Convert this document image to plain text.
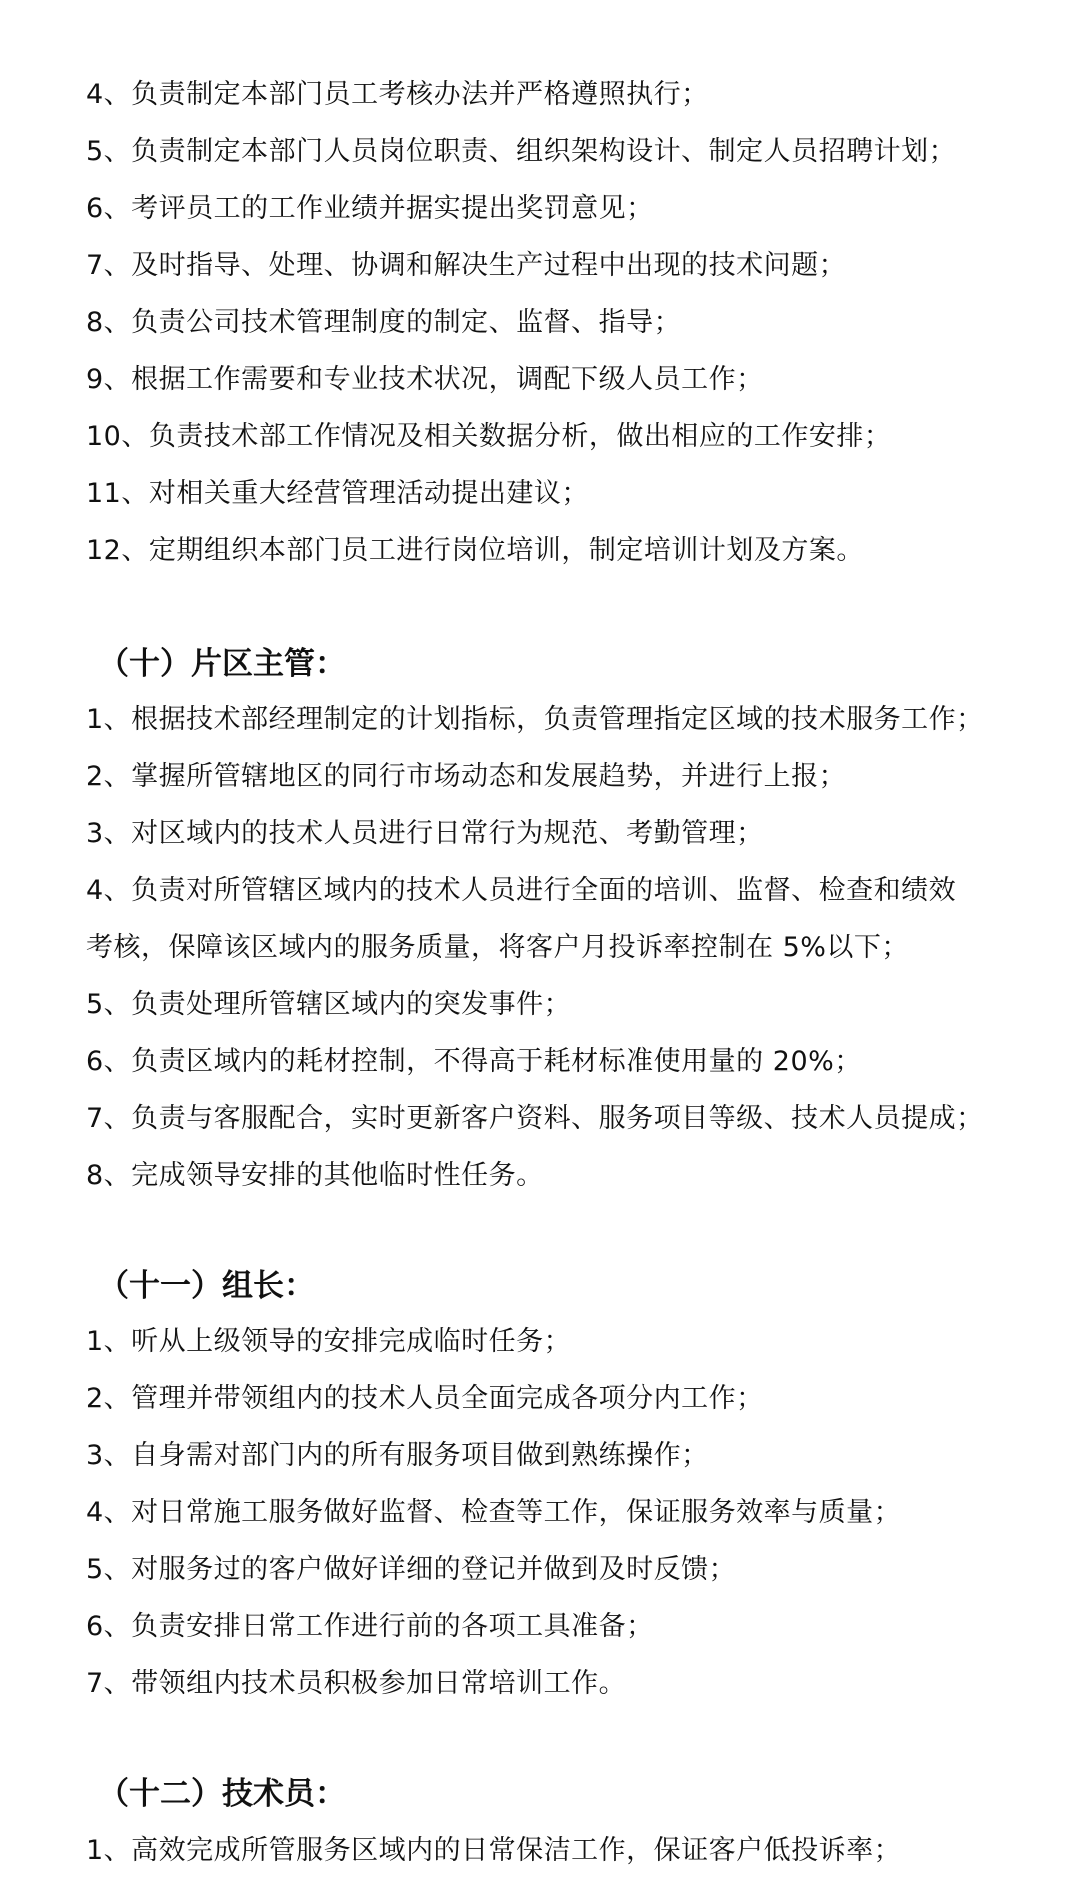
4、负责制定本部门员工考核办法并严格遵照执行；
5、负责制定本部门人员岗位职责、组织架构设计、制定人员招聘计划；
6、考评员工的工作业绩并据实提出奖罚意见；
7、及时指导、处理、协调和解决生产过程中出现的技术问题；
8、负责公司技术管理制度的制定、监督、指导；
9、根据工作需要和专业技术状况，调配下级人员工作；
10、负责技术部工作情况及相关数据分析，做出相应的工作安排；
11、对相关重大经营管理活动提出建议；
12、定期组织本部门员工进行岗位培训，制定培训计划及方案。
（十）片区主管：
1、根据技术部经理制定的计划指标，负责管理指定区域的技术服务工作；
2、掌握所管辖地区的同行市场动态和发展趋势，并进行上报；
3、对区域内的技术人员进行日常行为规范、考勤管理；
4、负责对所管辖区域内的技术人员进行全面的培训、监督、检查和绩效
考核，保障该区域内的服务质量，将客户月投诉率控制在 5%以下；
5、负责处理所管辖区域内的突发事件；
6、负责区域内的耗材控制，不得高于耗材标准使用量的 20%；
7、负责与客服配合，实时更新客户资料、服务项目等级、技术人员提成；
8、完成领导安排的其他临时性任务。
（十一）组长：
1、听从上级领导的安排完成临时任务；
2、管理并带领组内的技术人员全面完成各项分内工作；
3、自身需对部门内的所有服务项目做到熟练操作；
4、对日常施工服务做好监督、检查等工作，保证服务效率与质量；
5、对服务过的客户做好详细的登记并做到及时反馈；
6、负责安排日常工作进行前的各项工具准备；
7、带领组内技术员积极参加日常培训工作。
（十二）技术员：
1、高效完成所管服务区域内的日常保洁工作，保证客户低投诉率；
